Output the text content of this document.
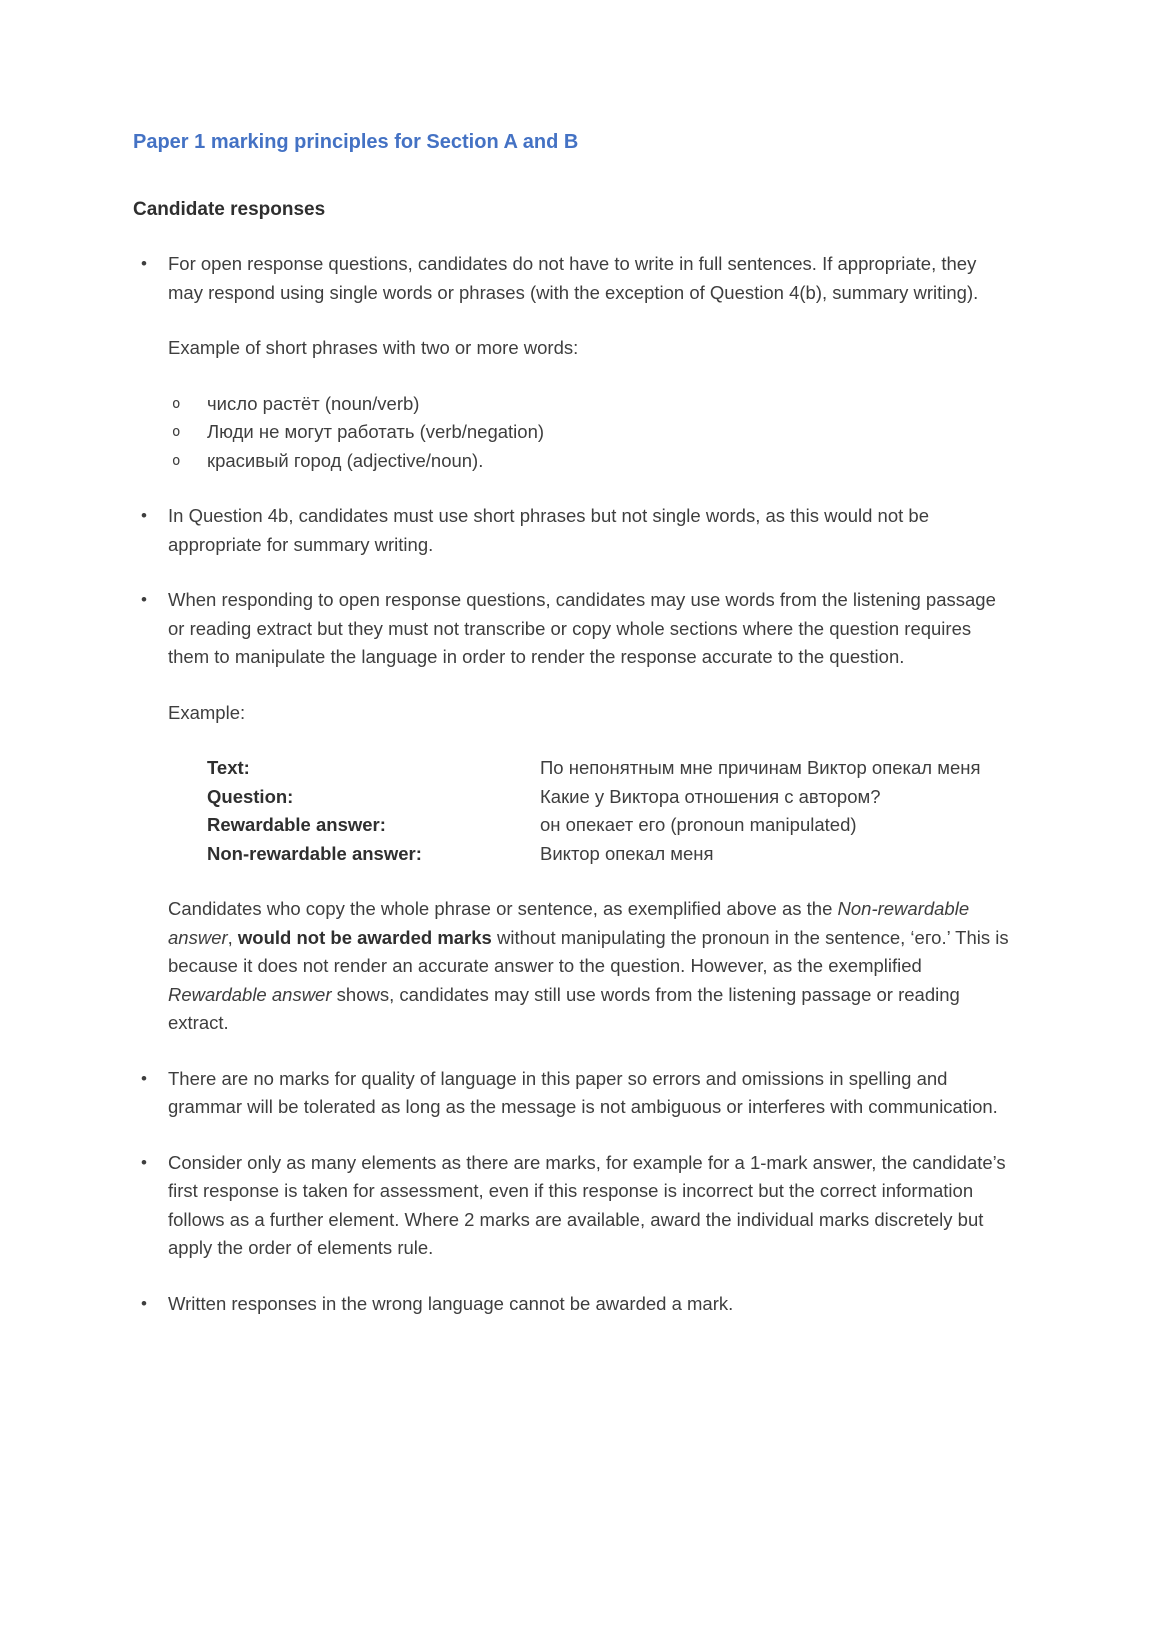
Paper 1 marking principles for Section A and B
Candidate responses
•	For open response questions, candidates do not have to write in full sentences. If appropriate, they may respond using single words or phrases (with the exception of Question 4(b), summary writing).

Example of short phrases with two or more words:

o	число растёт (noun/verb)

o	Люди не могут работать (verb/negation)

o	красивый город (adjective/noun).

•	In Question 4b, candidates must use short phrases but not single words, as this would not be appropriate for summary writing.

•	When responding to open response questions, candidates may use words from the listening passage or reading extract but they must not transcribe or copy whole sections where the question requires them to manipulate the language in order to render the response accurate to the question.

Example:

Text:	По непонятным мне причинам Виктор опекал меня
Question:	Какие у Виктора отношения с автором?
Rewardable answer:	он опекает его (pronoun manipulated)
Non-rewardable answer:	Виктор опекал меня

Candidates who copy the whole phrase or sentence, as exemplified above as the Non-rewardable answer, would not be awarded marks without manipulating the pronoun in the sentence, ‘его.’ This is because it does not render an accurate answer to the question. However, as the exemplified Rewardable answer shows, candidates may still use words from the listening passage or reading extract.

•	There are no marks for quality of language in this paper so errors and omissions in spelling and grammar will be tolerated as long as the message is not ambiguous or interferes with communication.

•	Consider only as many elements as there are marks, for example for a 1-mark answer, the candidate’s first response is taken for assessment, even if this response is incorrect but the correct information follows as a further element. Where 2 marks are available, award the individual marks discretely but apply the order of elements rule.

•	Written responses in the wrong language cannot be awarded a mark.
